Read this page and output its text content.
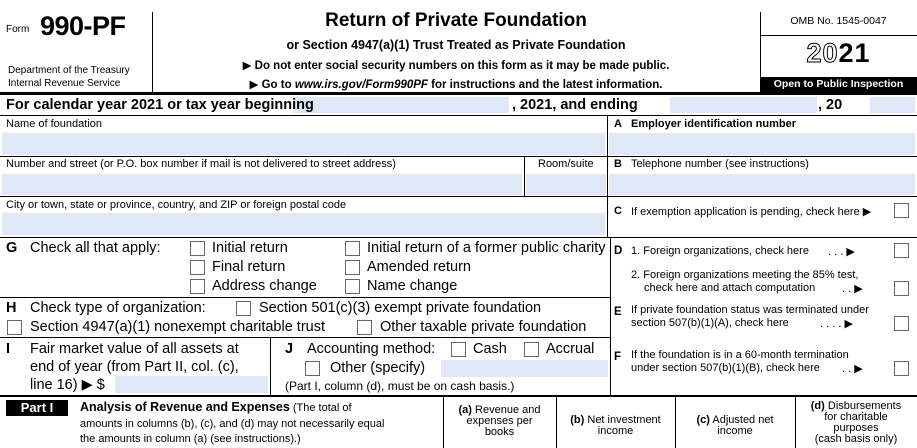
Form 990-PF
Department of the Treasury
Internal Revenue Service
Return of Private Foundation
or Section 4947(a)(1) Trust Treated as Private Foundation
▶ Do not enter social security numbers on this form as it may be made public.
▶ Go to www.irs.gov/Form990PF for instructions and the latest information.
OMB No. 1545-0047
2021
Open to Public Inspection
For calendar year 2021 or tax year beginning	, 2021, and ending	, 20
Name of foundation
Number and street (or P.O. box number if mail is not delivered to street address)	Room/suite
City or town, state or province, country, and ZIP or foreign postal code
A Employer identification number
B Telephone number (see instructions)
C If exemption application is pending, check here ▶
G Check all that apply:	Initial return	Initial return of a former public charity
Final return	Amended return
Address change	Name change
H Check type of organization:	Section 501(c)(3) exempt private foundation
Section 4947(a)(1) nonexempt charitable trust	Other taxable private foundation
I Fair market value of all assets at
end of year (from Part II, col. (c),
line 16) ▶ $
J Accounting method:	Cash	Accrual
Other (specify)
(Part I, column (d), must be on cash basis.)
D 1. Foreign organizations, check here . . . ▶
2. Foreign organizations meeting the 85% test,
check here and attach computation . . ▶
E If private foundation status was terminated under
section 507(b)(1)(A), check here	. . . . ▶
F If the foundation is in a 60-month termination
under section 507(b)(1)(B), check here . . ▶
Part I	Analysis of Revenue and Expenses (The total of
amounts in columns (b), (c), and (d) may not necessarily equal
the amounts in column (a) (see instructions).)
(a) Revenue and
expenses per
books
(b) Net investment
income
(c) Adjusted net
income
(d) Disbursements
for charitable
purposes
(cash basis only)
